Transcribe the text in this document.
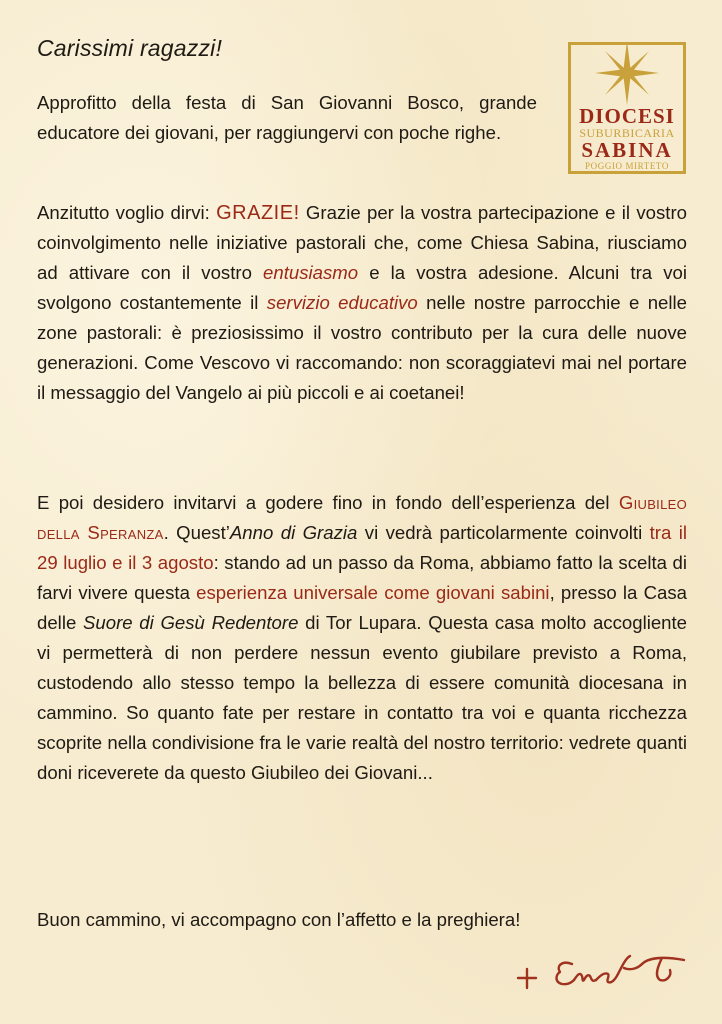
Carissimi ragazzi!

Approfitto della festa di San Giovanni Bosco, grande educatore dei giovani, per raggiungervi con poche righe.

Anzitutto voglio dirvi: GRAZIE! Grazie per la vostra partecipazione e il vostro coinvolgimento nelle iniziative pastorali che, come Chiesa Sabina, riusciamo ad attivare con il vostro entusiasmo e la vostra adesione. Alcuni tra voi svolgono costantemente il servizio educativo nelle nostre parrocchie e nelle zone pastorali: è preziosissimo il vostro contributo per la cura delle nuove generazioni. Come Vescovo vi raccomando: non scoraggiatevi mai nel portare il messaggio del Vangelo ai più piccoli e ai coetanei!

E poi desidero invitarvi a godere fino in fondo dell’esperienza del Giubileo della Speranza. Quest’Anno di Grazia vi vedrà particolarmente coinvolti tra il 29 luglio e il 3 agosto: stando ad un passo da Roma, abbiamo fatto la scelta di farvi vivere questa esperienza universale come giovani sabini, presso la Casa delle Suore di Gesù Redentore di Tor Lupara. Questa casa molto accogliente vi permetterà di non perdere nessun evento giubilare previsto a Roma, custodendo allo stesso tempo la bellezza di essere comunità diocesana in cammino. So quanto fate per restare in contatto tra voi e quanta ricchezza scoprite nella condivisione fra le varie realtà del nostro territorio: vedrete quanti doni riceverete da questo Giubileo dei Giovani...

Buon cammino, vi accompagno con l’affetto e la preghiera!

DIOCESI
SUBURBICARIA
SABINA
POGGIO MIRTETO
